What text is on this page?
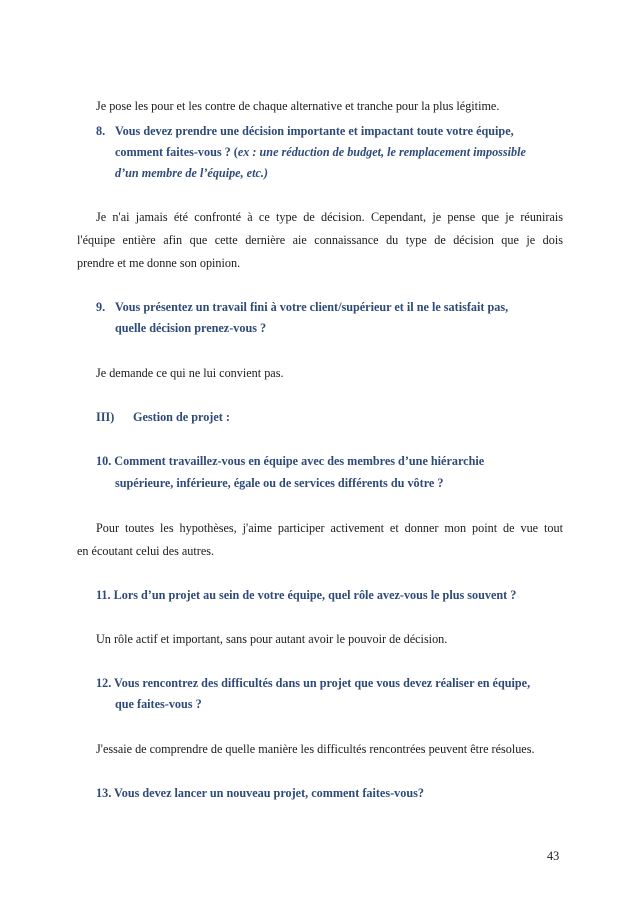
Je pose les pour et les contre de chaque alternative et tranche pour la plus légitime.
8. Vous devez prendre une décision importante et impactant toute votre équipe,
comment faites-vous ? (ex : une réduction de budget, le remplacement impossible
d’un membre de l’équipe, etc.)
Je n'ai jamais été confronté à ce type de décision. Cependant, je pense que je réunirais
l'équipe entière afin que cette dernière aie connaissance du type de décision que je dois
prendre et me donne son opinion.
9. Vous présentez un travail fini à votre client/supérieur et il ne le satisfait pas,
quelle décision prenez-vous ?
Je demande ce qui ne lui convient pas.
III) Gestion de projet :
10. Comment travaillez-vous en équipe avec des membres d’une hiérarchie
supérieure, inférieure, égale ou de services différents du vôtre ?
Pour toutes les hypothèses, j'aime participer activement et donner mon point de vue tout
en écoutant celui des autres.
11. Lors d’un projet au sein de votre équipe, quel rôle avez-vous le plus souvent ?
Un rôle actif et important, sans pour autant avoir le pouvoir de décision.
12. Vous rencontrez des difficultés dans un projet que vous devez réaliser en équipe,
que faites-vous ?
J'essaie de comprendre de quelle manière les difficultés rencontrées peuvent être résolues.
13. Vous devez lancer un nouveau projet, comment faites-vous?
43
